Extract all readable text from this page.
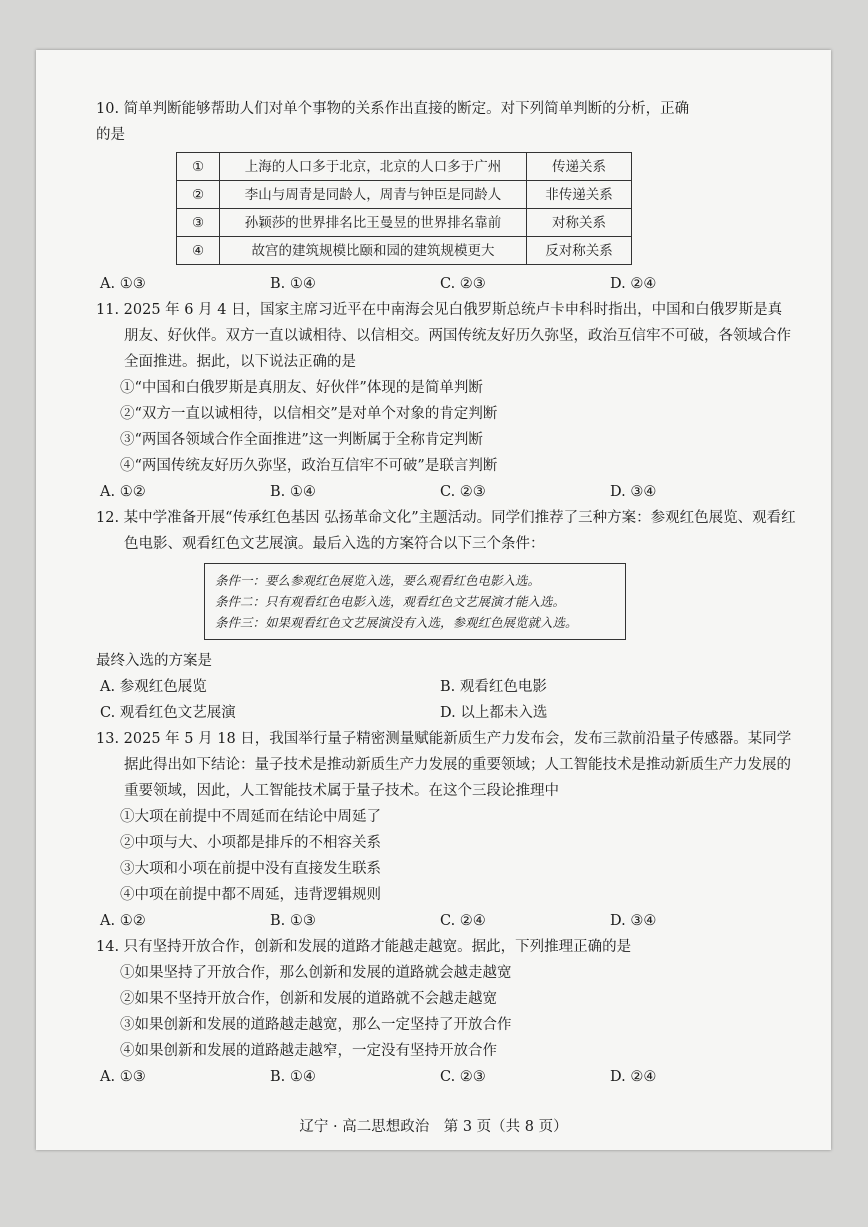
10. 简单判断能够帮助人们对单个事物的关系作出直接的断定。对下列简单判断的分析，正确

的是

①	上海的人口多于北京，北京的人口多于广州	传递关系
②	李山与周青是同龄人，周青与钟臣是同龄人	非传递关系
③	孙颖莎的世界排名比王曼昱的世界排名靠前	对称关系
④	故宫的建筑规模比颐和园的建筑规模更大	反对称关系
A. ①③	B. ①④	C. ②③	D. ②④

11. 2025 年 6 月 4 日，国家主席习近平在中南海会见白俄罗斯总统卢卡申科时指出，中国和白俄罗斯是真朋友、好伙伴。双方一直以诚相待、以信相交。两国传统友好历久弥坚，政治互信牢不可破，各领域合作全面推进。据此，以下说法正确的是

①“中国和白俄罗斯是真朋友、好伙伴”体现的是简单判断

②“双方一直以诚相待，以信相交”是对单个对象的肯定判断

③“两国各领域合作全面推进”这一判断属于全称肯定判断

④“两国传统友好历久弥坚，政治互信牢不可破”是联言判断

A. ①②	B. ①④	C. ②③	D. ③④

12. 某中学准备开展“传承红色基因 弘扬革命文化”主题活动。同学们推荐了三种方案：参观红色展览、观看红色电影、观看红色文艺展演。最后入选的方案符合以下三个条件：

条件一：要么参观红色展览入选，要么观看红色电影入选。
条件二：只有观看红色电影入选，观看红色文艺展演才能入选。
条件三：如果观看红色文艺展演没有入选，参观红色展览就入选。

最终入选的方案是

A. 参观红色展览	B. 观看红色电影
C. 观看红色文艺展演	D. 以上都未入选

13. 2025 年 5 月 18 日，我国举行量子精密测量赋能新质生产力发布会，发布三款前沿量子传感器。某同学据此得出如下结论：量子技术是推动新质生产力发展的重要领域；人工智能技术是推动新质生产力发展的重要领域，因此，人工智能技术属于量子技术。在这个三段论推理中

①大项在前提中不周延而在结论中周延了

②中项与大、小项都是排斥的不相容关系

③大项和小项在前提中没有直接发生联系

④中项在前提中都不周延，违背逻辑规则

A. ①②	B. ①③	C. ②④	D. ③④

14. 只有坚持开放合作，创新和发展的道路才能越走越宽。据此，下列推理正确的是

①如果坚持了开放合作，那么创新和发展的道路就会越走越宽

②如果不坚持开放合作，创新和发展的道路就不会越走越宽

③如果创新和发展的道路越走越宽，那么一定坚持了开放合作

④如果创新和发展的道路越走越窄，一定没有坚持开放合作

A. ①③	B. ①④	C. ②③	D. ②④
辽宁 · 高二思想政治　第 3 页（共 8 页）
